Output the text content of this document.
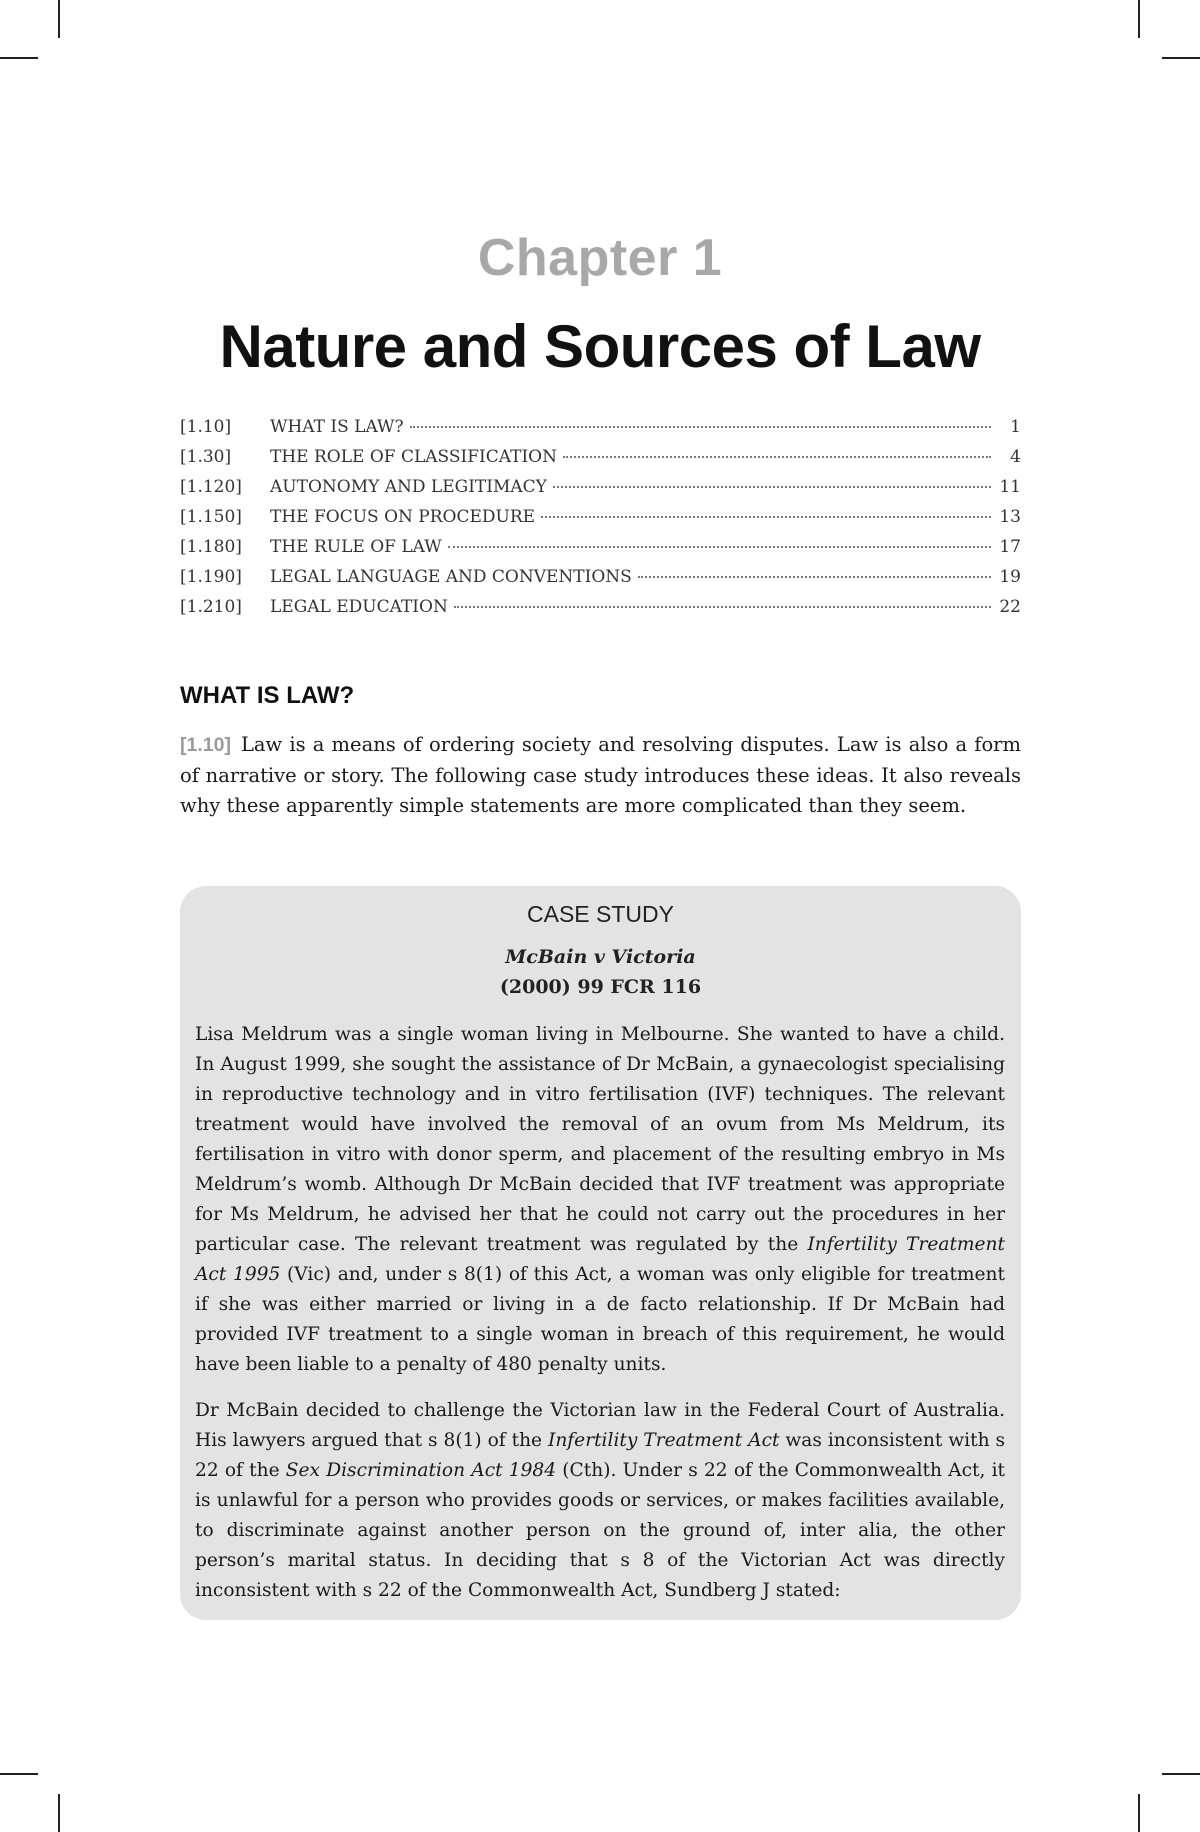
Chapter 1
Nature and Sources of Law
[1.10]	WHAT IS LAW?	1
[1.30]	THE ROLE OF CLASSIFICATION	4
[1.120]	AUTONOMY AND LEGITIMACY	11
[1.150]	THE FOCUS ON PROCEDURE	13
[1.180]	THE RULE OF LAW	17
[1.190]	LEGAL LANGUAGE AND CONVENTIONS	19
[1.210]	LEGAL EDUCATION	22
WHAT IS LAW?

[1.10] Law is a means of ordering society and resolving disputes. Law is also a form of narrative or story. The following case study introduces these ideas. It also reveals why these apparently simple statements are more complicated than they seem.

CASE STUDY
McBain v Victoria
(2000) 99 FCR 116

Lisa Meldrum was a single woman living in Melbourne. She wanted to have a child. In August 1999, she sought the assistance of Dr McBain, a gynaecologist specialising in reproductive technology and in vitro fertilisation (IVF) techniques. The relevant treatment would have involved the removal of an ovum from Ms Meldrum, its fertilisation in vitro with donor sperm, and placement of the resulting embryo in Ms Meldrum’s womb. Although Dr McBain decided that IVF treatment was appropriate for Ms Meldrum, he advised her that he could not carry out the procedures in her particular case. The relevant treatment was regulated by the Infertility Treatment Act 1995 (Vic) and, under s 8(1) of this Act, a woman was only eligible for treatment if she was either married or living in a de facto relationship. If Dr McBain had provided IVF treatment to a single woman in breach of this requirement, he would have been liable to a penalty of 480 penalty units.

Dr McBain decided to challenge the Victorian law in the Federal Court of Australia. His lawyers argued that s 8(1) of the Infertility Treatment Act was inconsistent with s 22 of the Sex Discrimination Act 1984 (Cth). Under s 22 of the Commonwealth Act, it is unlawful for a person who provides goods or services, or makes facilities available, to discriminate against another person on the ground of, inter alia, the other person’s marital status. In deciding that s 8 of the Victorian Act was directly inconsistent with s 22 of the Commonwealth Act, Sundberg J stated:
